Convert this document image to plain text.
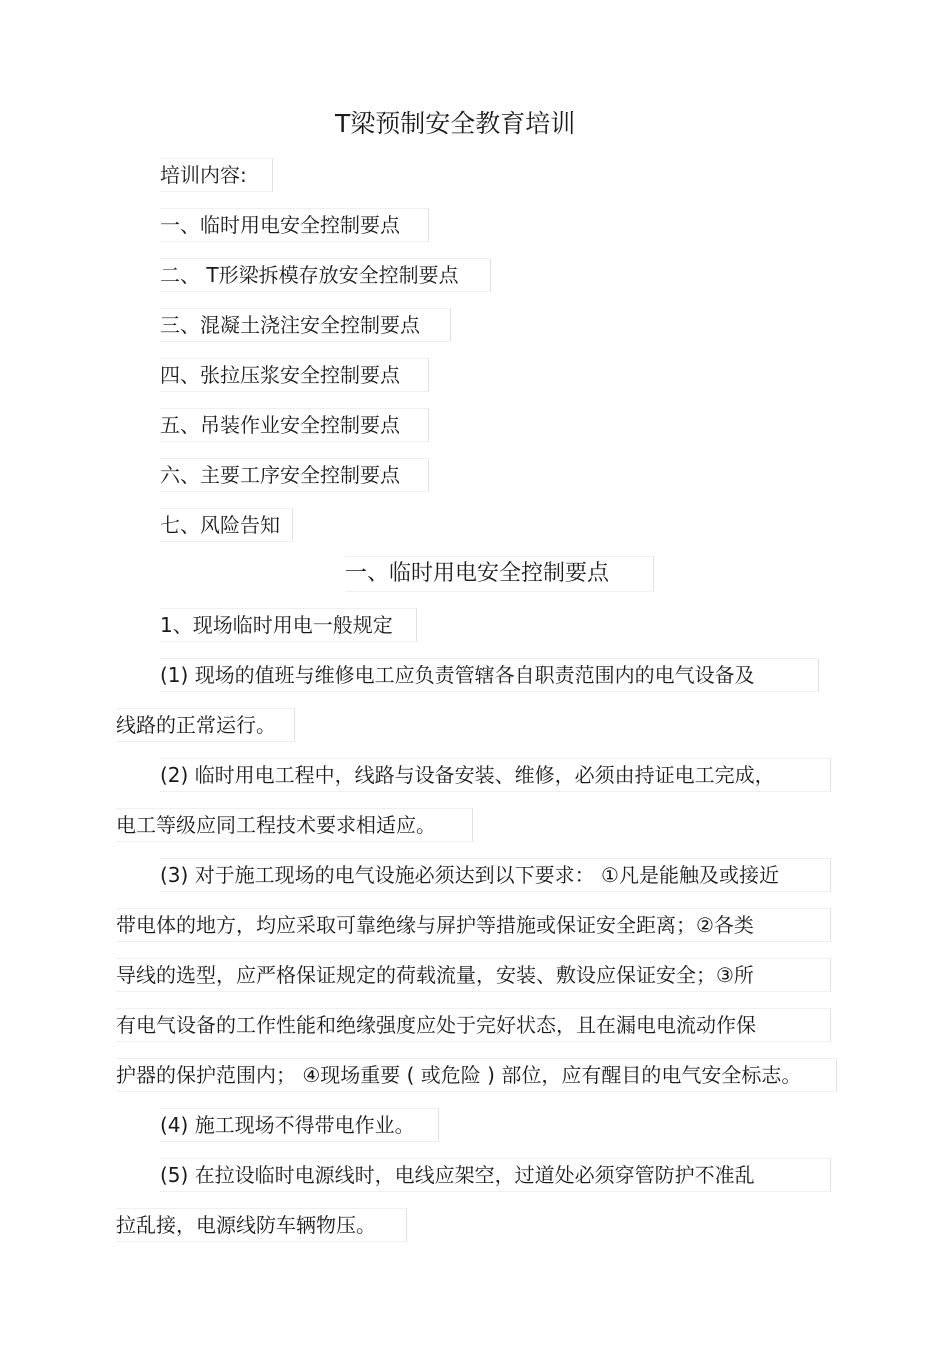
T梁预制安全教育培训
培训内容:
一、临时用电安全控制要点
二、 T形梁拆模存放安全控制要点
三、混凝土浇注安全控制要点
四、张拉压浆安全控制要点
五、吊装作业安全控制要点
六、主要工序安全控制要点
七、风险告知
一、临时用电安全控制要点
1、现场临时用电一般规定
(1) 现场的值班与维修电工应负责管辖各自职责范围内的电气设备及
线路的正常运行。
(2) 临时用电工程中，线路与设备安装、维修，必须由持证电工完成，
电工等级应同工程技术要求相适应。
(3) 对于施工现场的电气设施必须达到以下要求： ①凡是能触及或接近
带电体的地方，均应采取可靠绝缘与屏护等措施或保证安全距离；②各类
导线的选型，应严格保证规定的荷载流量，安装、敷设应保证安全；③所
有电气设备的工作性能和绝缘强度应处于完好状态，且在漏电电流动作保
护器的保护范围内； ④现场重要 ( 或危险 ) 部位，应有醒目的电气安全标志。
(4) 施工现场不得带电作业。
(5) 在拉设临时电源线时，电线应架空，过道处必须穿管防护不准乱
拉乱接，电源线防车辆物压。
